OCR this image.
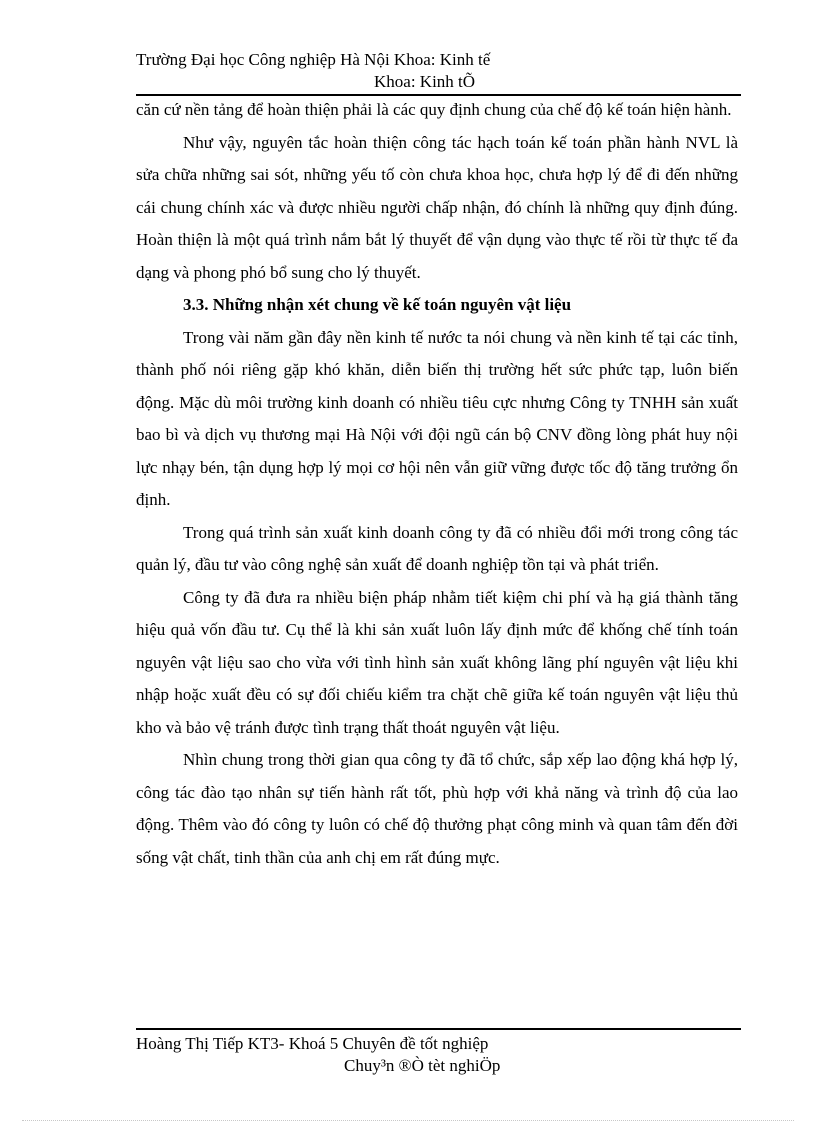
Trường Đại học Công nghiệp Hà Nội Khoa: Kinh tế
Khoa: Kinh tÕ

căn cứ nền tảng để hoàn thiện phải là các quy định chung của chế độ kế toán hiện hành.

Như vậy, nguyên tắc hoàn thiện công tác hạch toán kế toán phần hành NVL là sửa chữa những sai sót, những yếu tố còn chưa khoa học, chưa hợp lý để đi đến những cái chung chính xác và được nhiều người chấp nhận, đó chính là những quy định đúng. Hoàn thiện là một quá trình nắm bắt lý thuyết để vận dụng vào thực tế rồi từ thực tế đa dạng và phong phó bổ sung cho lý thuyết.

3.3. Những nhận xét chung về kế toán nguyên vật liệu

Trong vài năm gần đây nền kinh tế nước ta nói chung và nền kinh tế tại các tỉnh, thành phố nói riêng gặp khó khăn, diễn biến thị trường hết sức phức tạp, luôn biến động. Mặc dù môi trường kinh doanh có nhiều tiêu cực nhưng Công ty TNHH sản xuất bao bì và dịch vụ thương mại Hà Nội với đội ngũ cán bộ CNV đồng lòng phát huy nội lực nhạy bén, tận dụng hợp lý mọi cơ hội nên vẫn giữ vững được tốc độ tăng trưởng ổn định.

Trong quá trình sản xuất kinh doanh công ty đã có nhiều đổi mới trong công tác quản lý, đầu tư vào công nghệ sản xuất để doanh nghiệp tồn tại và phát triển.

Công ty đã đưa ra nhiều biện pháp nhằm tiết kiệm chi phí và hạ giá thành tăng hiệu quả vốn đầu tư. Cụ thể là khi sản xuất luôn lấy định mức để khống chế tính toán nguyên vật liệu sao cho vừa với tình hình sản xuất không lãng phí nguyên vật liệu khi nhập hoặc xuất đều có sự đối chiếu kiểm tra chặt chẽ giữa kế toán nguyên vật liệu thủ kho và bảo vệ tránh được tình trạng thất thoát nguyên vật liệu.

Nhìn chung trong thời gian qua công ty đã tổ chức, sắp xếp lao động khá hợp lý, công tác đào tạo nhân sự tiến hành rất tốt, phù hợp với khả năng và trình độ của lao động. Thêm vào đó công ty luôn có chế độ thưởng phạt công minh và quan tâm đến đời sống vật chất, tinh thần của anh chị em rất đúng mực.

Hoàng Thị Tiếp KT3- Khoá 5 Chuyên đề tốt nghiệp
Chuy³n ®Ò tèt nghiÖp
